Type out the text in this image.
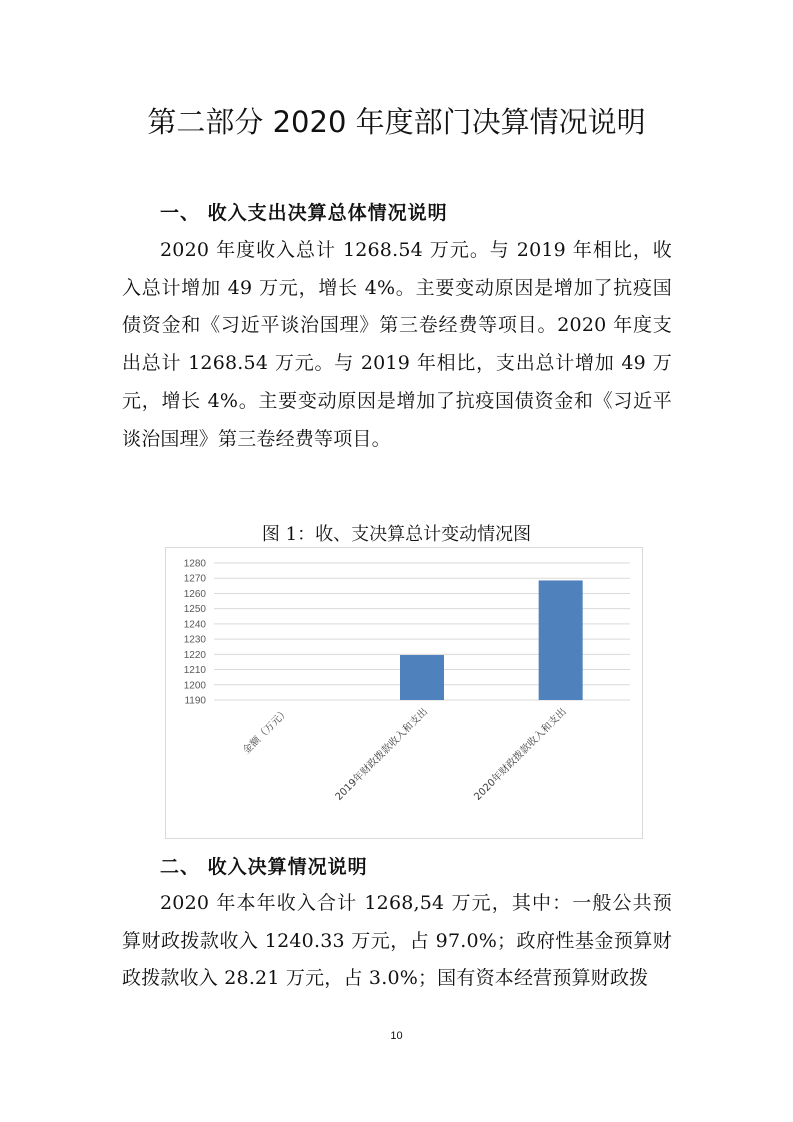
第二部分 2020 年度部门决算情况说明
一、 收入支出决算总体情况说明
2020 年度收入总计 1268.54 万元。与 2019 年相比，收入总计增加 49 万元，增长 4%。主要变动原因是增加了抗疫国债资金和《习近平谈治国理》第三卷经费等项目。2020 年度支出总计 1268.54 万元。与 2019 年相比，支出总计增加 49 万元，增长 4%。主要变动原因是增加了抗疫国债资金和《习近平谈治国理》第三卷经费等项目。
图 1：收、支决算总计变动情况图
1190
1200
1210
1220
1230
1240
1250
1260
1270
1280
金额（万元）	2019年财政拨款收入和支出	2020年财政拨款收入和支出
二、 收入决算情况说明
2020 年本年收入合计 1268,54 万元，其中：一般公共预算财政拨款收入 1240.33 万元，占 97.0%；政府性基金预算财政拨款收入 28.21 万元，占 3.0%；国有资本经营预算财政拨
10
